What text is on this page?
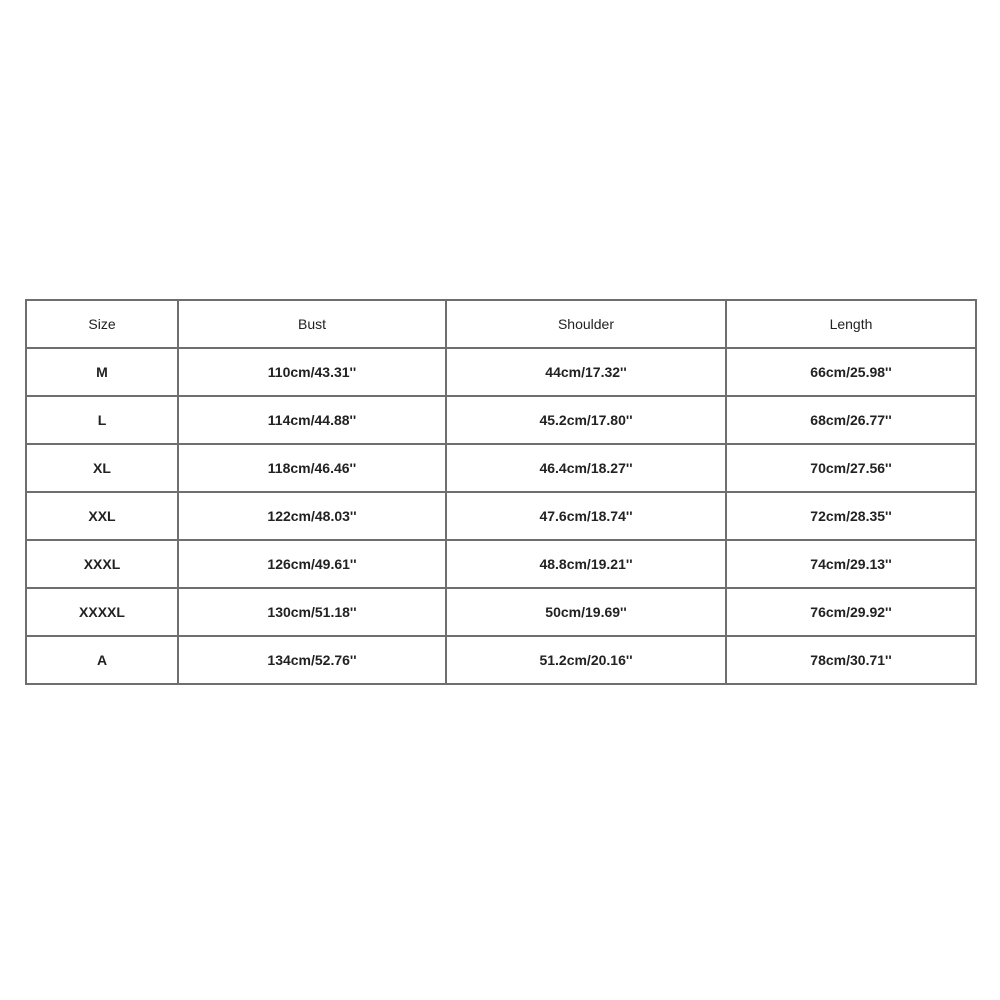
Size	Bust	Shoulder	Length
M	110cm/43.31''	44cm/17.32''	66cm/25.98''
L	114cm/44.88''	45.2cm/17.80''	68cm/26.77''
XL	118cm/46.46''	46.4cm/18.27''	70cm/27.56''
XXL	122cm/48.03''	47.6cm/18.74''	72cm/28.35''
XXXL	126cm/49.61''	48.8cm/19.21''	74cm/29.13''
XXXXL	130cm/51.18''	50cm/19.69''	76cm/29.92''
A	134cm/52.76''	51.2cm/20.16''	78cm/30.71''
